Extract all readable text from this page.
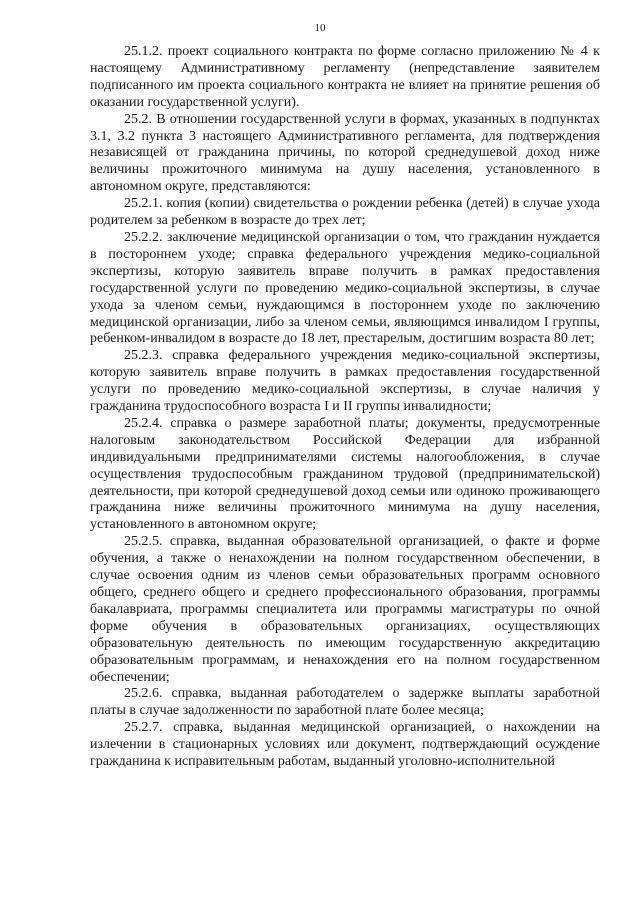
10

25.1.2. проект социального контракта по форме согласно приложению № 4 к настоящему Административному регламенту (непредставление заявителем подписанного им проекта социального контракта не влияет на принятие решения об оказании государственной услуги).

25.2. В отношении государственной услуги в формах, указанных в подпунктах 3.1, 3.2 пункта 3 настоящего Административного регламента, для подтверждения независящей от гражданина причины, по которой среднедушевой доход ниже величины прожиточного минимума на душу населения, установленного в автономном округе, представляются:

25.2.1. копия (копии) свидетельства о рождении ребенка (детей) в случае ухода родителем за ребенком в возрасте до трех лет;

25.2.2. заключение медицинской организации о том, что гражданин нуждается в постороннем уходе; справка федерального учреждения медико-социальной экспертизы, которую заявитель вправе получить в рамках предоставления государственной услуги по проведению медико-социальной экспертизы, в случае ухода за членом семьи, нуждающимся в постороннем уходе по заключению медицинской организации, либо за членом семьи, являющимся инвалидом I группы, ребенком-инвалидом в возрасте до 18 лет, престарелым, достигшим возраста 80 лет;

25.2.3. справка федерального учреждения медико-социальной экспертизы, которую заявитель вправе получить в рамках предоставления государственной услуги по проведению медико-социальной экспертизы, в случае наличия у гражданина трудоспособного возраста I и II группы инвалидности;

25.2.4. справка о размере заработной платы; документы, предусмотренные налоговым законодательством Российской Федерации для избранной индивидуальными предпринимателями системы налогообложения, в случае осуществления трудоспособным гражданином трудовой (предпринимательской) деятельности, при которой среднедушевой доход семьи или одиноко проживающего гражданина ниже величины прожиточного минимума на душу населения, установленного в автономном округе;

25.2.5. справка, выданная образовательной организацией, о факте и форме обучения, а также о ненахождении на полном государственном обеспечении, в случае освоения одним из членов семьи образовательных программ основного общего, среднего общего и среднего профессионального образования, программы бакалавриата, программы специалитета или программы магистратуры по очной форме обучения в образовательных организациях, осуществляющих образовательную деятельность по имеющим государственную аккредитацию образовательным программам, и ненахождения его на полном государственном обеспечении;

25.2.6. справка, выданная работодателем о задержке выплаты заработной платы в случае задолженности по заработной плате более месяца;

25.2.7. справка, выданная медицинской организацией, о нахождении на излечении в стационарных условиях или документ, подтверждающий осуждение гражданина к исправительным работам, выданный уголовно-исполнительной
